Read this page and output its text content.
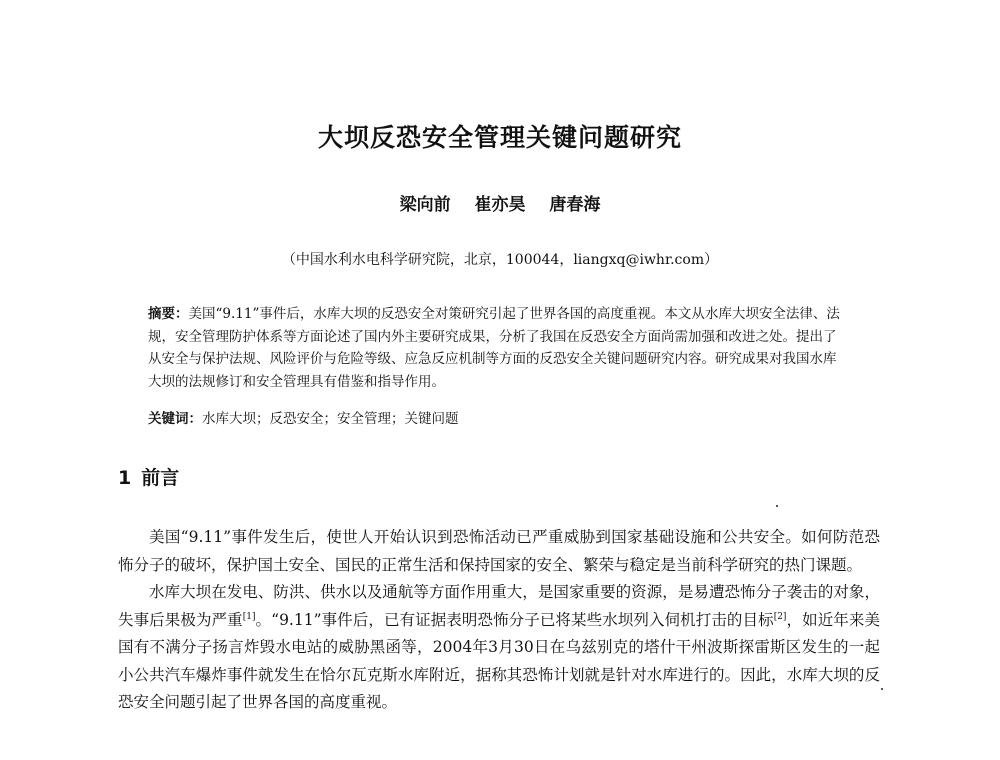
大坝反恐安全管理关键问题研究
梁向前 崔亦昊 唐春海
（中国水利水电科学研究院，北京，100044，liangxq@iwhr.com）
摘要：美国“9.11”事件后，水库大坝的反恐安全对策研究引起了世界各国的高度重视。本文从水库大坝安全法律、法规，安全管理防护体系等方面论述了国内外主要研究成果，分析了我国在反恐安全方面尚需加强和改进之处。提出了从安全与保护法规、风险评价与危险等级、应急反应机制等方面的反恐安全关键问题研究内容。研究成果对我国水库大坝的法规修订和安全管理具有借鉴和指导作用。
关键词：水库大坝；反恐安全；安全管理；关键问题
1 前言

美国“9.11”事件发生后，使世人开始认识到恐怖活动已严重威胁到国家基础设施和公共安全。如何防范恐怖分子的破坏，保护国土安全、国民的正常生活和保持国家的安全、繁荣与稳定是当前科学研究的热门课题。

水库大坝在发电、防洪、供水以及通航等方面作用重大，是国家重要的资源，是易遭恐怖分子袭击的对象，失事后果极为严重[1]。“9.11”事件后，已有证据表明恐怖分子已将某些水坝列入伺机打击的目标[2]，如近年来美国有不满分子扬言炸毁水电站的威胁黑函等，2004年3月30日在乌兹别克的塔什干州波斯探雷斯区发生的一起小公共汽车爆炸事件就发生在恰尔瓦克斯水库附近，据称其恐怖计划就是针对水库进行的。因此，水库大坝的反恐安全问题引起了世界各国的高度重视。
